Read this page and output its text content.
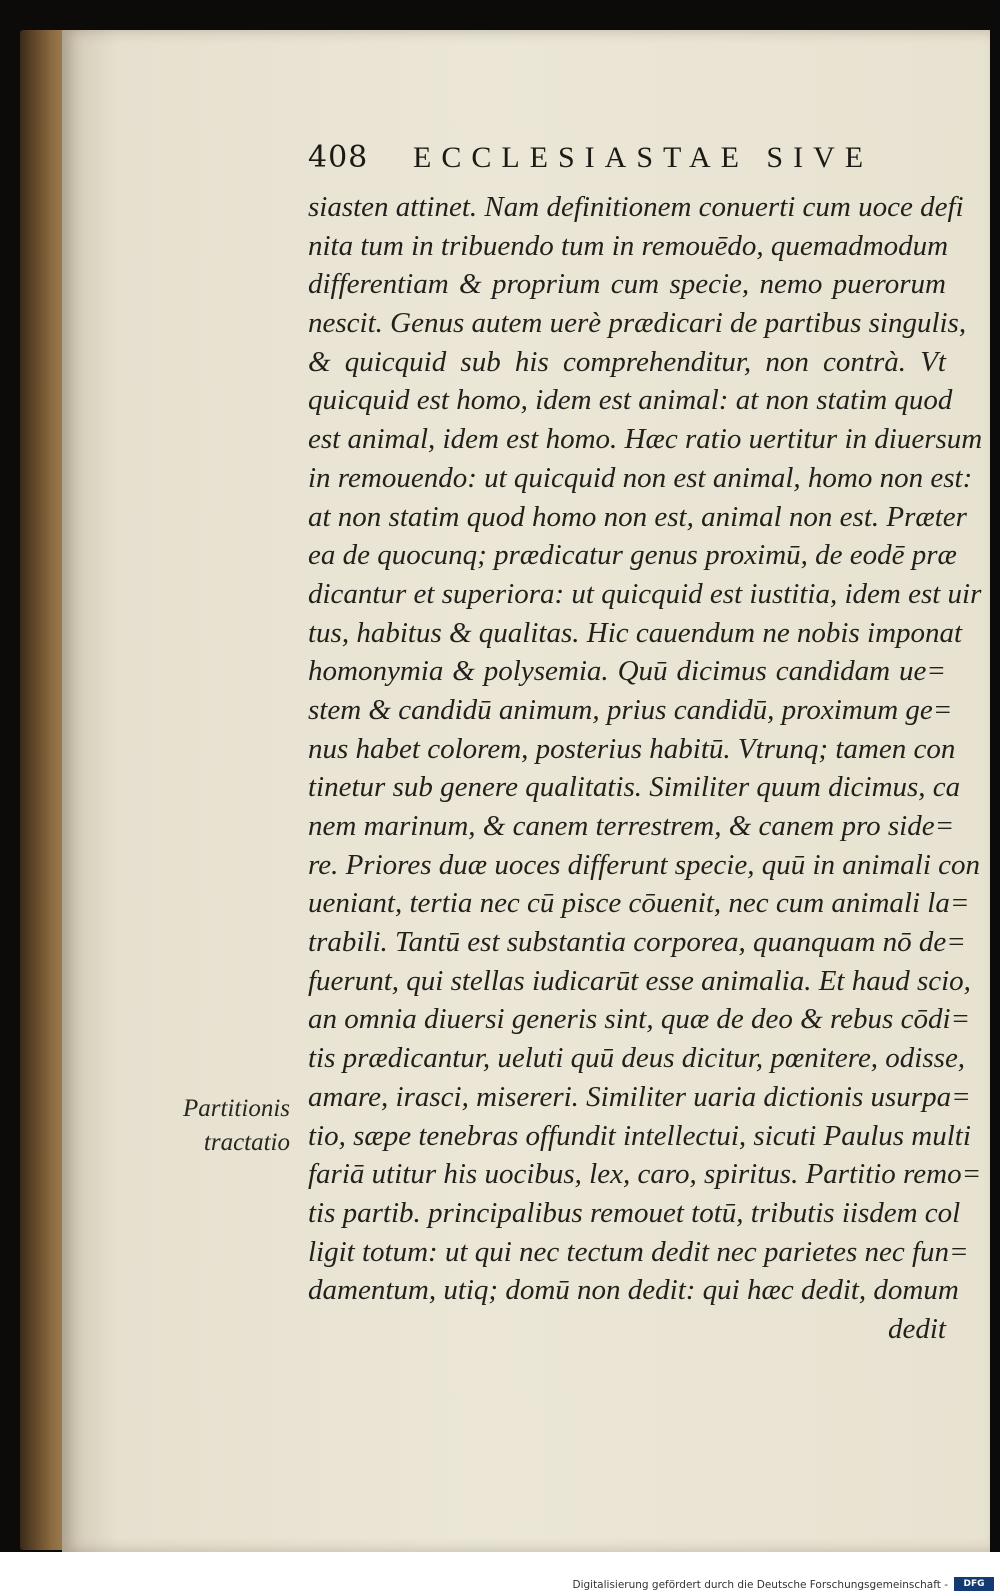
408	ECCLESIASTAE SIVE
siasten attinet. Nam definitionem conuerti cum uoce defi
nita tum in tribuendo tum in remouēdo, quemadmodum
differentiam & proprium cum specie, nemo puerorum
nescit. Genus autem uerè prædicari de partibus singulis,
& quicquid sub his comprehenditur, non contrà. Vt
quicquid est homo, idem est animal: at non statim quod
est animal, idem est homo. Hæc ratio uertitur in diuersum
in remouendo: ut quicquid non est animal, homo non est:
at non statim quod homo non est, animal non est. Præter
ea de quocunq; prædicatur genus proximū, de eodē præ
dicantur et superiora: ut quicquid est iustitia, idem est uir
tus, habitus & qualitas. Hic cauendum ne nobis imponat
homonymia & polysemia. Quū dicimus candidam ue=
stem & candidū animum, prius candidū, proximum ge=
nus habet colorem, posterius habitū. Vtrunq; tamen con
tinetur sub genere qualitatis. Similiter quum dicimus, ca
nem marinum, & canem terrestrem, & canem pro side=
re. Priores duæ uoces differunt specie, quū in animali con
ueniant, tertia nec cū pisce cōuenit, nec cum animali la=
trabili. Tantū est substantia corporea, quanquam nō de=
fuerunt, qui stellas iudicarūt esse animalia. Et haud scio,
an omnia diuersi generis sint, quæ de deo & rebus cōdi=
tis prædicantur, ueluti quū deus dicitur, pœnitere, odisse,
amare, irasci, misereri. Similiter uaria dictionis usurpa=
tio, sæpe tenebras offundit intellectui, sicuti Paulus multi
fariā utitur his uocibus, lex, caro, spiritus. Partitio remo=
tis partib. principalibus remouet totū, tributis iisdem col
ligit totum: ut qui nec tectum dedit nec parietes nec fun=
damentum, utiq; domū non dedit: qui hæc dedit, domum
dedit
Partitionis
tractatio
Digitalisierung gefördert durch die Deutsche Forschungsgemeinschaft -	DFG
